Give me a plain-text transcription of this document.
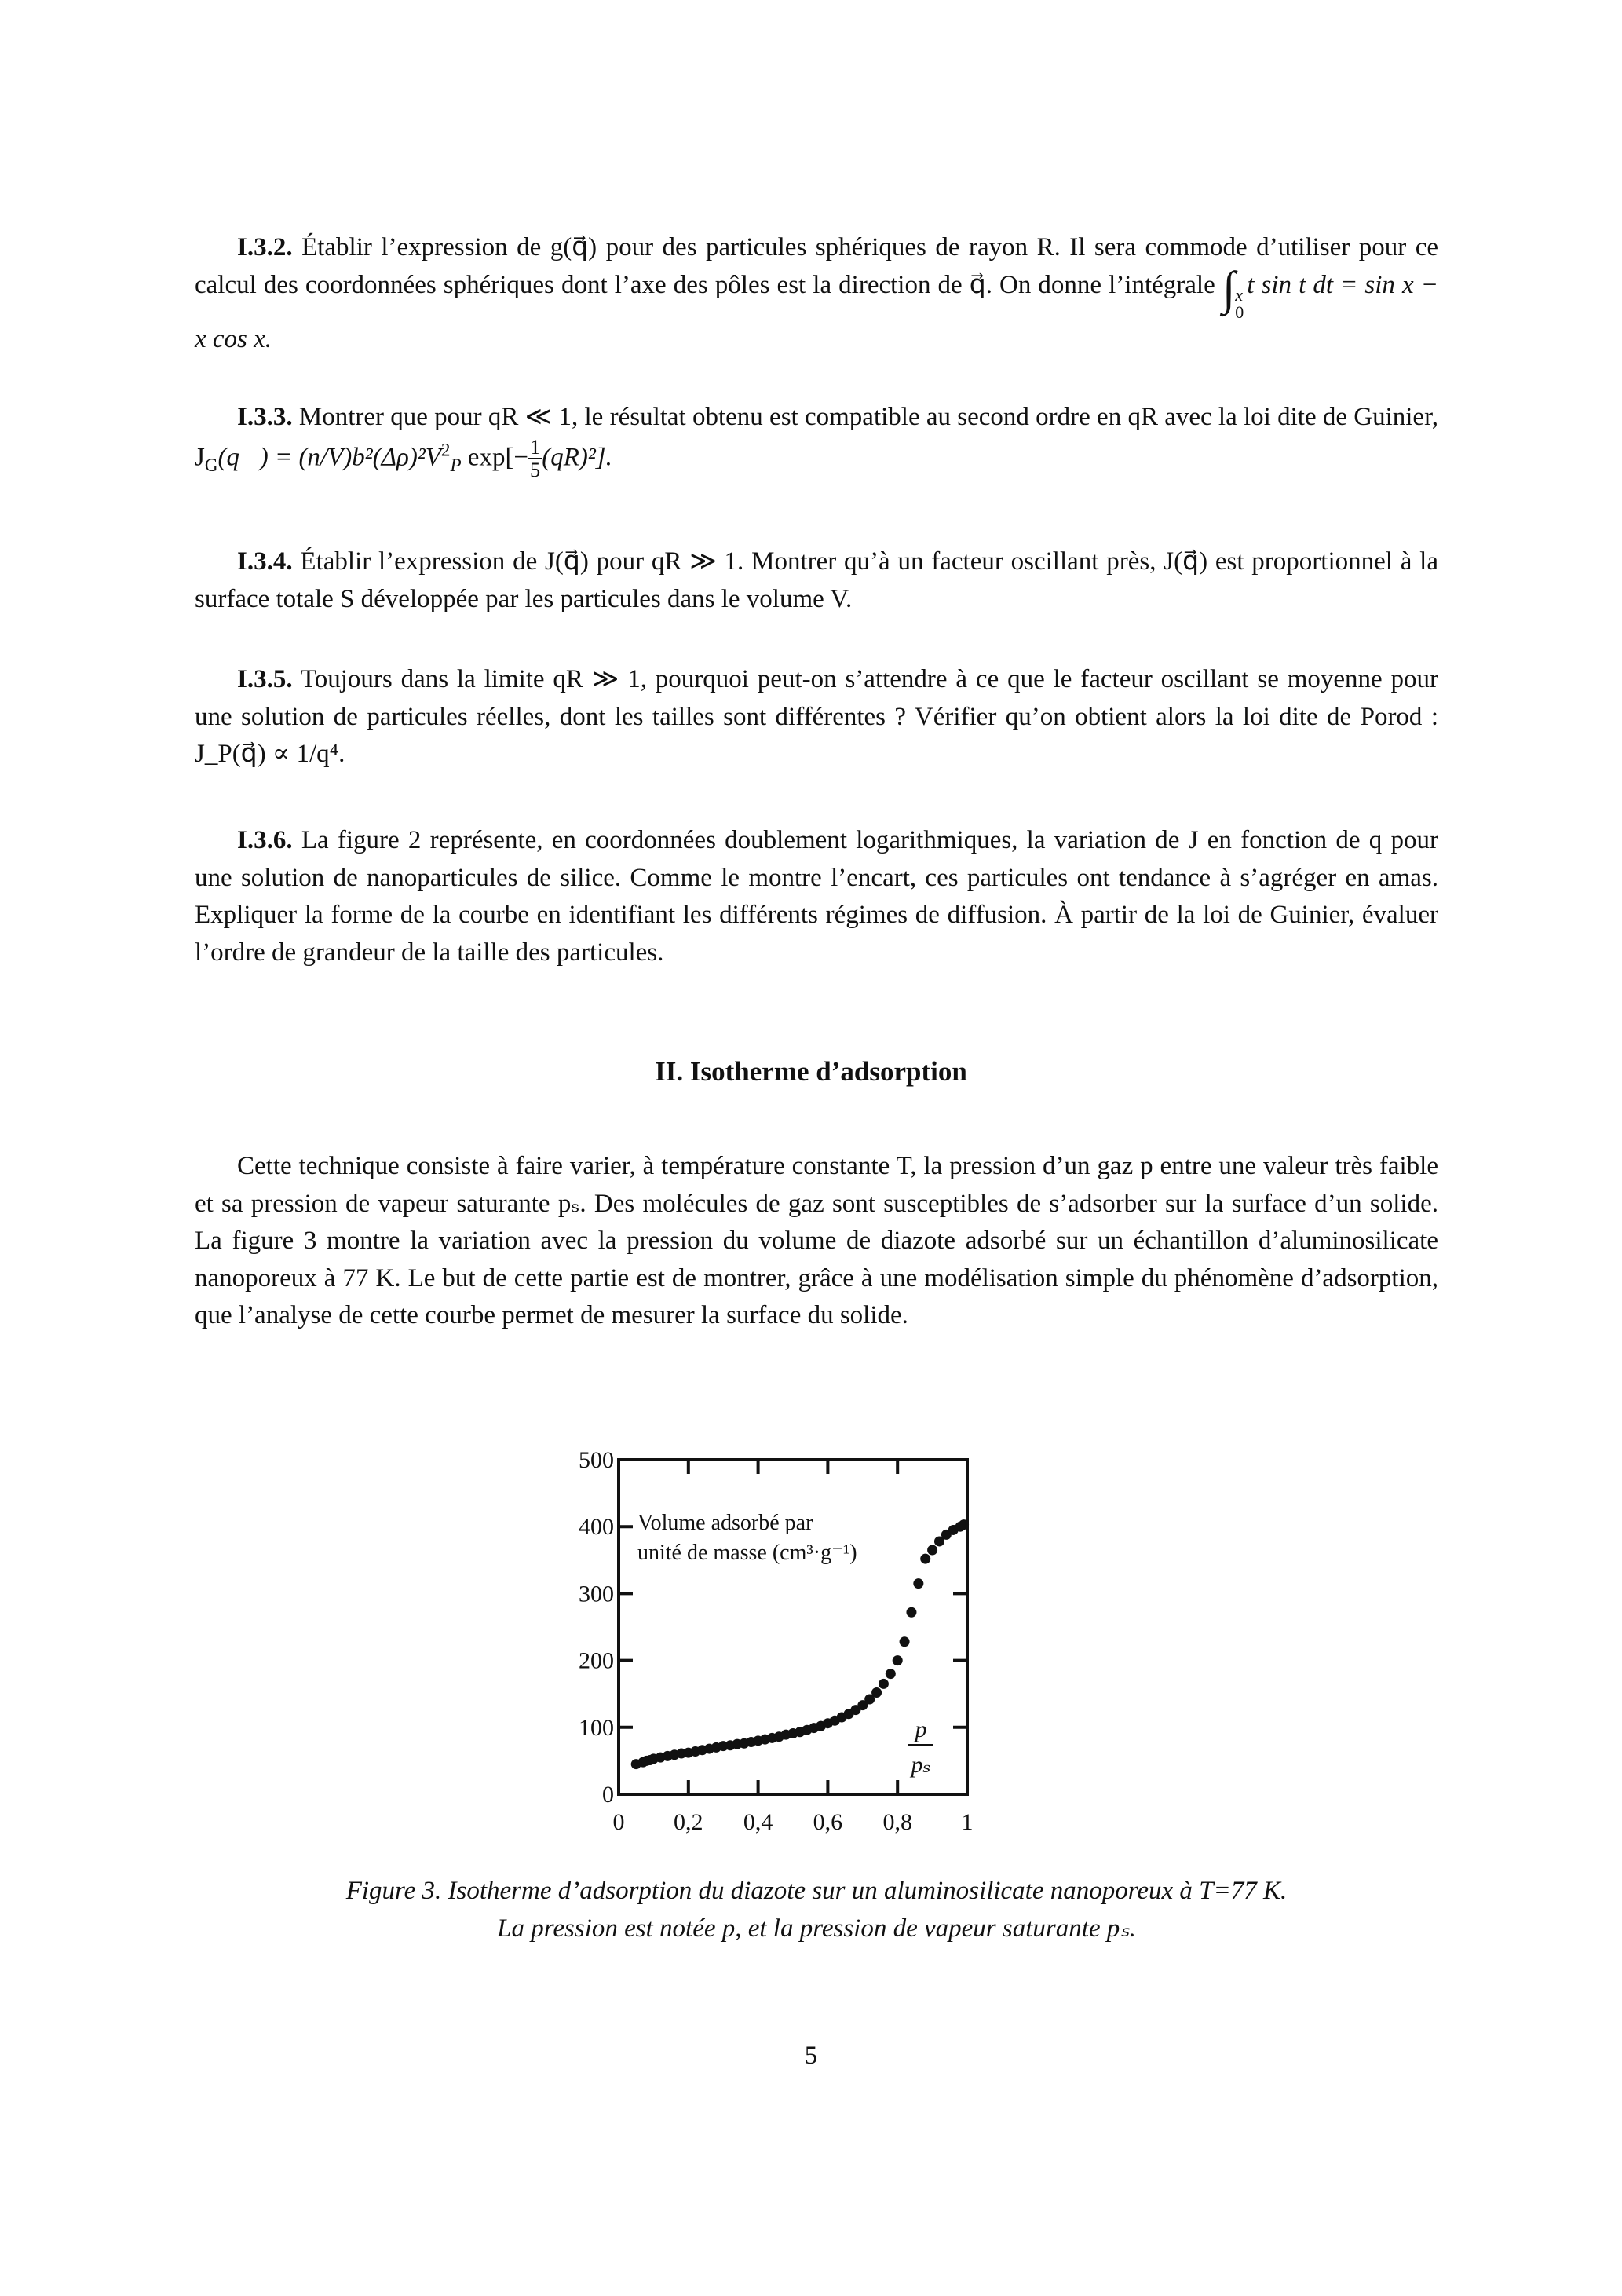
I.3.2. Établir l’expression de g(q⃗) pour des particules sphériques de rayon R. Il sera commode d’utiliser pour ce calcul des coordonnées sphériques dont l’axe des pôles est la direction de q⃗. On donne l’intégrale ∫ x
0
t sin t dt = sin x − x cos x.
I.3.3. Montrer que pour qR ≪ 1, le résultat obtenu est compatible au second ordre en qR avec la loi dite de Guinier, $J_G(q⃗) = (n/V)b^2(\Delta\rho)^2V^2_P$ $\exp[- \frac{1}{5} (qR)^2]$.
I.3.4. Établir l’expression de J(q⃗) pour qR ≫ 1. Montrer qu’à un facteur oscillant près, J(q⃗) est proportionnel à la surface totale S développée par les particules dans le volume V.
I.3.5. Toujours dans la limite qR ≫ 1, pourquoi peut-on s’attendre à ce que le facteur oscillant se moyenne pour une solution de particules réelles, dont les tailles sont différentes ? Vérifier qu’on obtient alors la loi dite de Porod : J_P(q⃗) ∝ 1/q⁴.
I.3.6. La figure 2 représente, en coordonnées doublement logarithmiques, la variation de J en fonction de q pour une solution de nanoparticules de silice. Comme le montre l’encart, ces particules ont tendance à s’agréger en amas. Expliquer la forme de la courbe en identifiant les différents régimes de diffusion. À partir de la loi de Guinier, évaluer l’ordre de grandeur de la taille des particules.
II. Isotherme d’adsorption
Cette technique consiste à faire varier, à température constante T, la pression d’un gaz p entre une valeur très faible et sa pression de vapeur saturante pₛ. Des molécules de gaz sont susceptibles de s’adsorber sur la surface d’un solide. La figure 3 montre la variation avec la pression du volume de diazote adsorbé sur un échantillon d’aluminosilicate nanoporeux à 77 K. Le but de cette partie est de montrer, grâce à une modélisation simple du phénomène d’adsorption, que l’analyse de cette courbe permet de mesurer la surface du solide.
0 0,2 0,4 0,6 0,8 1
0
100
200
300
400
500
Volume adsorbé par
unité de masse (cm³·g⁻¹)
p
pₛ
Figure 3. Isotherme d’adsorption du diazote sur un aluminosilicate nanoporeux à T=77 K.
La pression est notée p, et la pression de vapeur saturante pₛ.
5
